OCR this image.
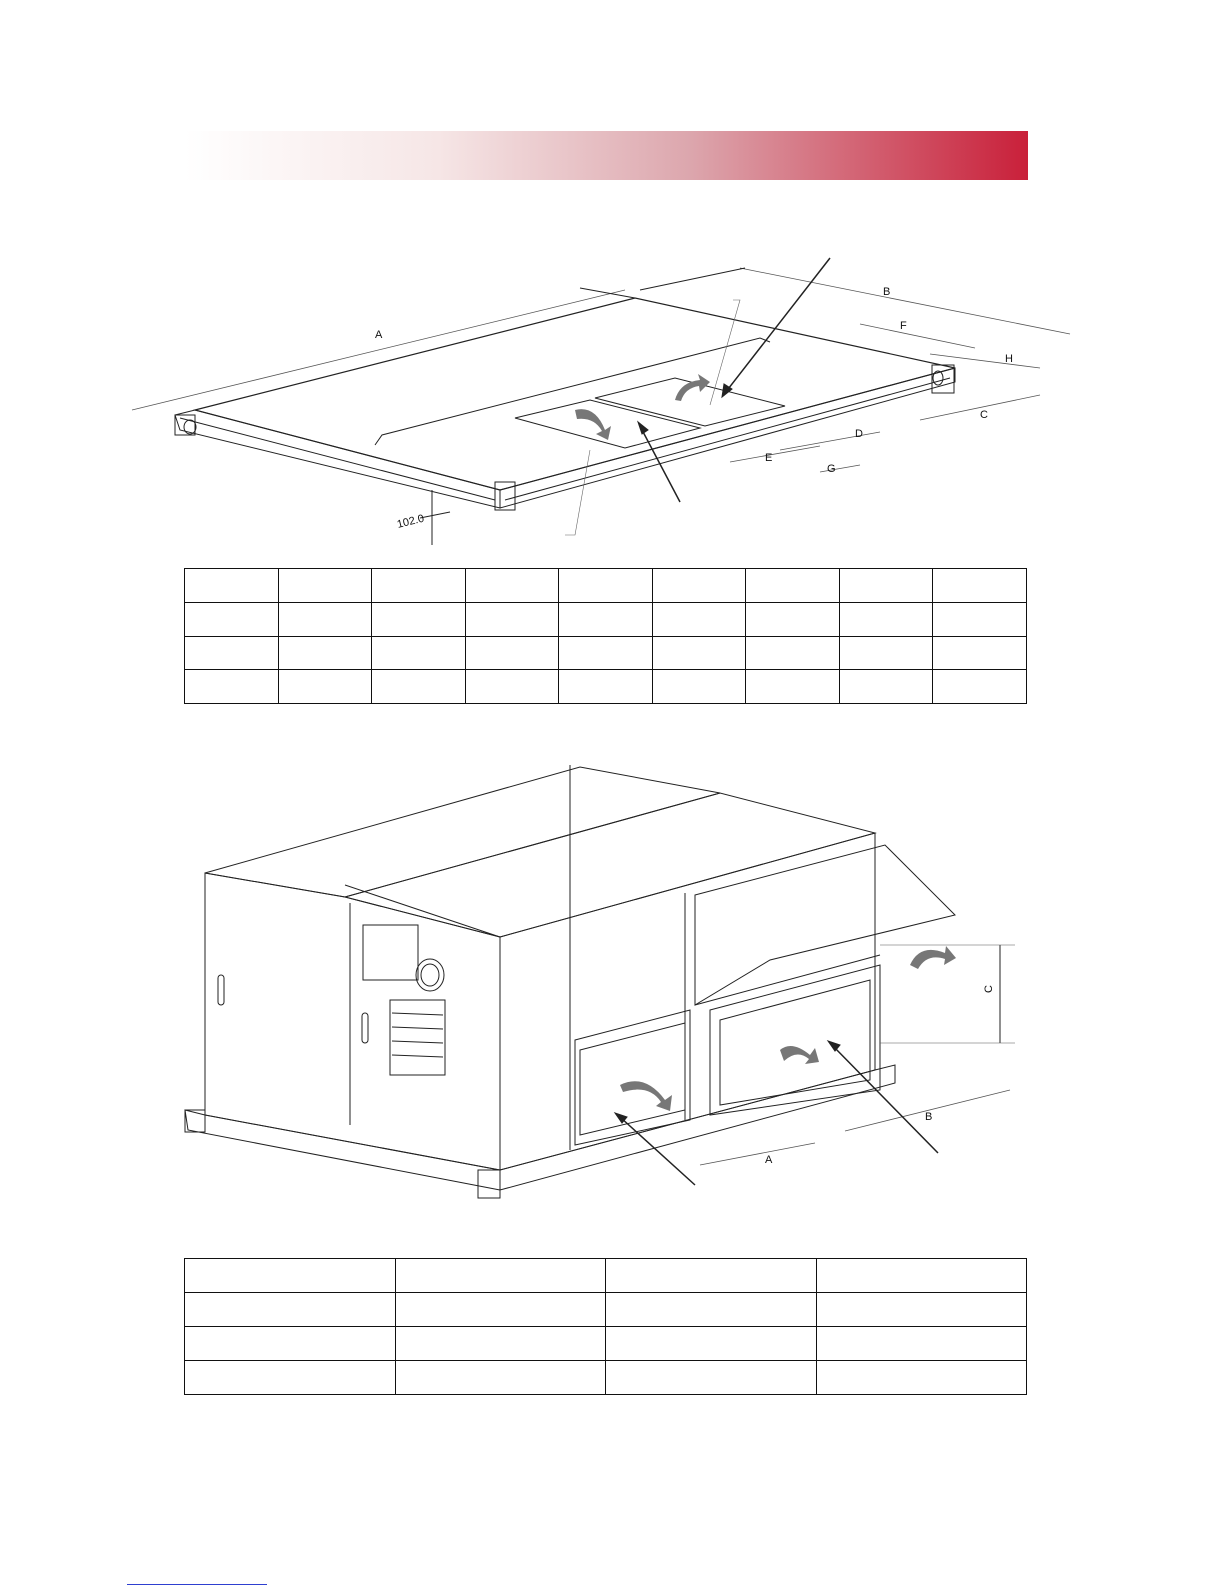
A
B
C
D
E
F
G
H
102.0

A
B
C
